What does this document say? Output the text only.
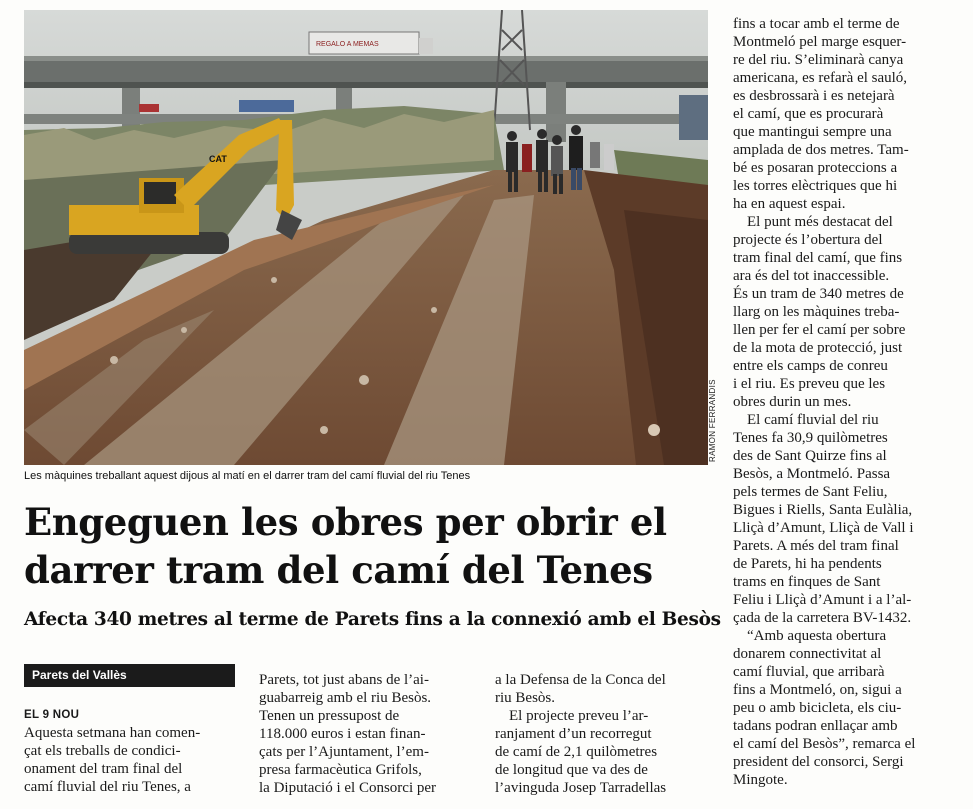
REGALO A MEMAS
CAT
RAMON FERRANDIS
Les màquines treballant aquest dijous al matí en el darrer tram del camí fluvial del riu Tenes
Engeguen les obres per obrir el
darrer tram del camí del Tenes
Afecta 340 metres al terme de Parets fins a la connexió amb el Besòs
Parets del Vallès
EL 9 NOU
Aquesta setmana han comen-
çat els treballs de condici-
onament del tram final del
camí fluvial del riu Tenes, a
Parets, tot just abans de l’ai-
guabarreig amb el riu Besòs.
Tenen un pressupost de
118.000 euros i estan finan-
çats per l’Ajuntament, l’em-
presa farmacèutica Grifols,
la Diputació i el Consorci per
a la Defensa de la Conca del
riu Besòs.
El projecte preveu l’ar-
ranjament d’un recorregut
de camí de 2,1 quilòmetres
de longitud que va des de
l’avinguda Josep Tarradellas
fins a tocar amb el terme de
Montmeló pel marge esquer-
re del riu. S’eliminarà canya
americana, es refarà el sauló,
es desbrossarà i es netejarà
el camí, que es procurarà
que mantingui sempre una
amplada de dos metres. Tam-
bé es posaran proteccions a
les torres elèctriques que hi
ha en aquest espai.
El punt més destacat del
projecte és l’obertura del
tram final del camí, que fins
ara és del tot inaccessible.
És un tram de 340 metres de
llarg on les màquines treba-
llen per fer el camí per sobre
de la mota de protecció, just
entre els camps de conreu
i el riu. Es preveu que les
obres durin un mes.
El camí fluvial del riu
Tenes fa 30,9 quilòmetres
des de Sant Quirze fins al
Besòs, a Montmeló. Passa
pels termes de Sant Feliu,
Bigues i Riells, Santa Eulàlia,
Lliçà d’Amunt, Lliçà de Vall i
Parets. A més del tram final
de Parets, hi ha pendents
trams en finques de Sant
Feliu i Lliçà d’Amunt i a l’al-
çada de la carretera BV-1432.
“Amb aquesta obertura
donarem connectivitat al
camí fluvial, que arribarà
fins a Montmeló, on, sigui a
peu o amb bicicleta, els ciu-
tadans podran enllaçar amb
el camí del Besòs”, remarca el
president del consorci, Sergi
Mingote.
